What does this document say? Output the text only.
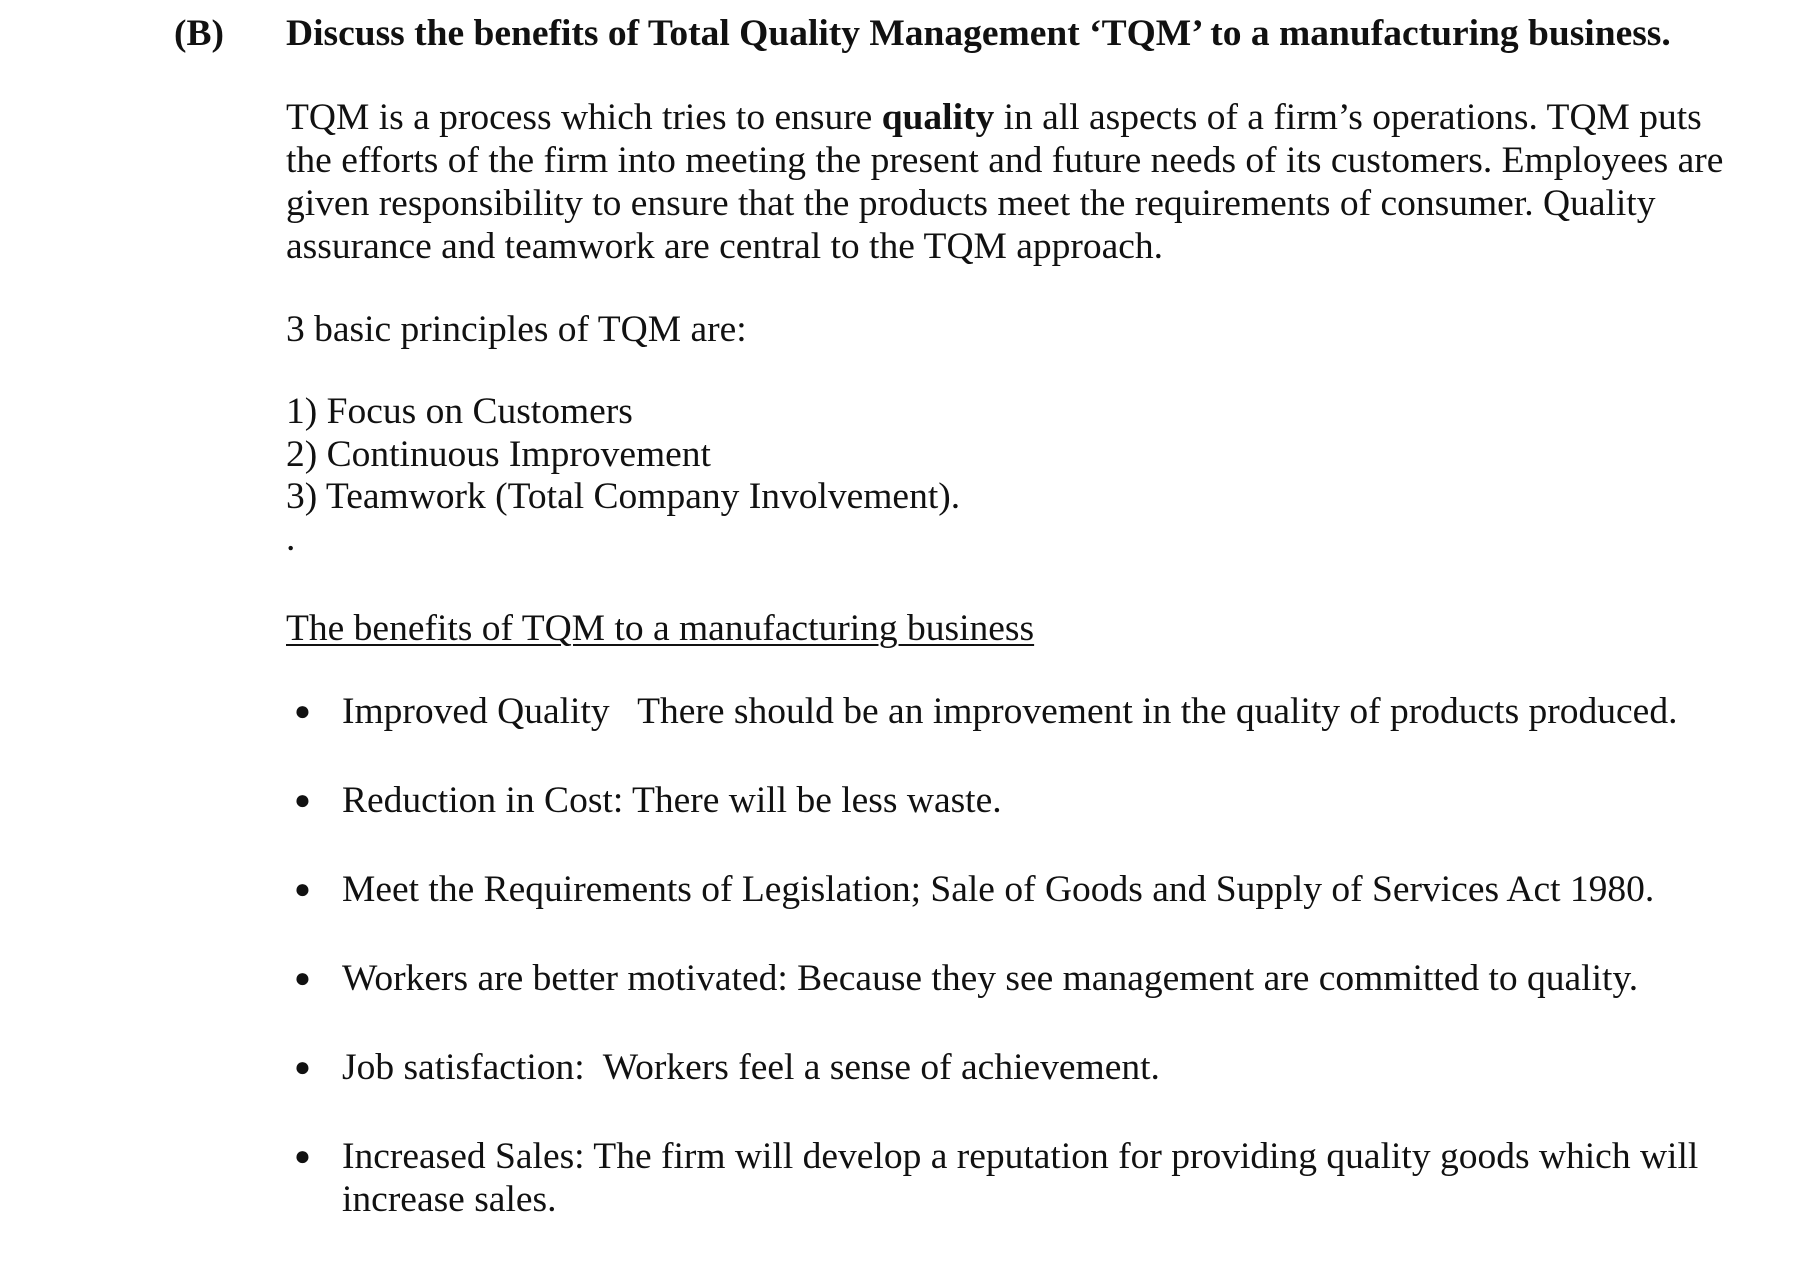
(B) Discuss the benefits of Total Quality Management ‘TQM’ to a manufacturing business.

TQM is a process which tries to ensure quality in all aspects of a firm’s operations. TQM puts the efforts of the firm into meeting the present and future needs of its customers. Employees are given responsibility to ensure that the products meet the requirements of consumer. Quality assurance and teamwork are central to the TQM approach.

3 basic principles of TQM are:

1) Focus on Customers
2) Continuous Improvement
3) Teamwork (Total Company Involvement).

.

The benefits of TQM to a manufacturing business

● Improved Quality   There should be an improvement in the quality of products produced.
● Reduction in Cost: There will be less waste.
● Meet the Requirements of Legislation; Sale of Goods and Supply of Services Act 1980.
● Workers are better motivated: Because they see management are committed to quality.
● Job satisfaction:  Workers feel a sense of achievement.
● Increased Sales: The firm will develop a reputation for providing quality goods which will increase sales.
